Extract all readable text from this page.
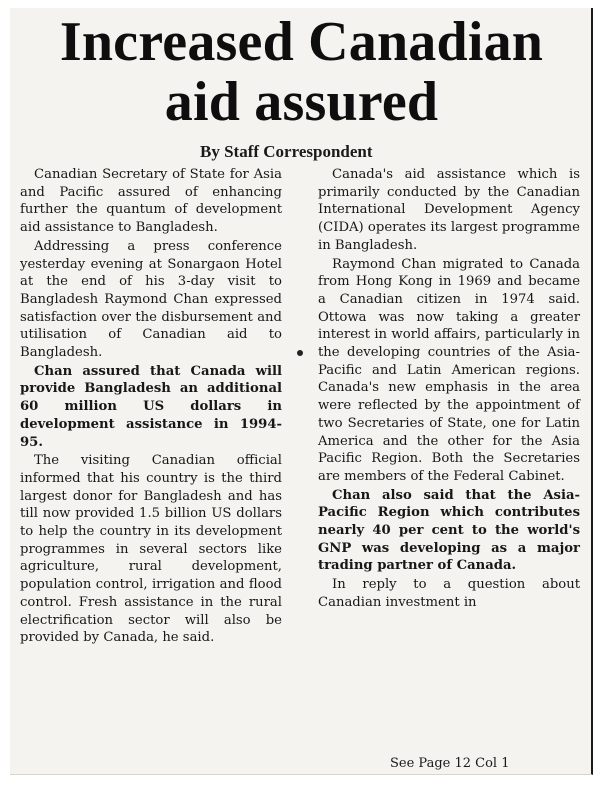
Increased Canadian
aid assured
By Staff Correspondent

Canadian Secretary of State for Asia and Pacific assured of enhancing further the quantum of development aid assistance to Bangladesh.

Addressing a press conference yesterday evening at Sonargaon Hotel at the end of his 3-day visit to Bangladesh Raymond Chan expressed satisfaction over the disbursement and utilisation of Canadian aid to Bangladesh.

Chan assured that Canada will provide Bangladesh an additional 60 million US dollars in development assistance in 1994-95.

The visiting Canadian official informed that his country is the third largest donor for Bangladesh and has till now provided 1.5 billion US dollars to help the country in its development programmes in several sectors like agriculture, rural development, population control, irrigation and flood control. Fresh assistance in the rural electrification sector will also be provided by Canada, he said.

Canada's aid assistance which is primarily conducted by the Canadian International Development Agency (CIDA) operates its largest programme in Bangladesh.

Raymond Chan migrated to Canada from Hong Kong in 1969 and became a Canadian citizen in 1974 said. Ottowa was now taking a greater interest in world affairs, particularly in the developing countries of the Asia-Pacific and Latin American regions. Canada's new emphasis in the area were reflected by the appointment of two Secretaries of State, one for Latin America and the other for the Asia Pacific Region. Both the Secretaries are members of the Federal Cabinet.

Chan also said that the Asia-Pacific Region which contributes nearly 40 per cent to the world's GNP was developing as a major trading partner of Canada.

In reply to a question about Canadian investment in

See Page 12 Col 1
